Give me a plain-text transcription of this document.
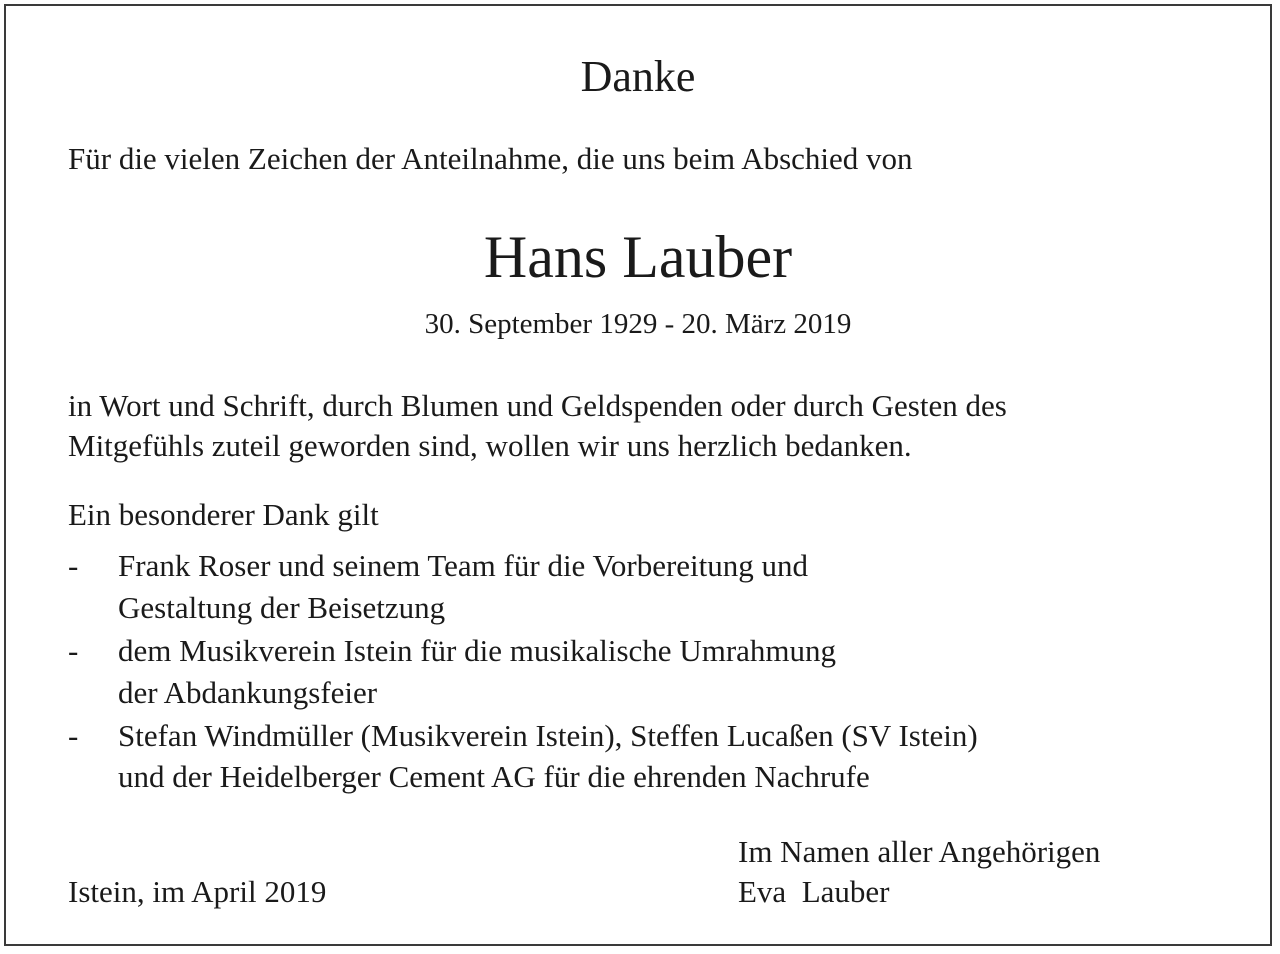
Danke
Für die vielen Zeichen der Anteilnahme, die uns beim Abschied von
Hans Lauber
30. September 1929 - 20. März 2019
in Wort und Schrift, durch Blumen und Geldspenden oder durch Gesten des
Mitgefühls zuteil geworden sind, wollen wir uns herzlich bedanken.
Ein besonderer Dank gilt
- Frank Roser und seinem Team für die Vorbereitung und
Gestaltung der Beisetzung
- dem Musikverein Istein für die musikalische Umrahmung
der Abdankungsfeier
- Stefan Windmüller (Musikverein Istein), Steffen Lucaßen (SV Istein)
und der Heidelberger Cement AG für die ehrenden Nachrufe
Im Namen aller Angehörigen
Eva  Lauber
Istein, im April 2019
